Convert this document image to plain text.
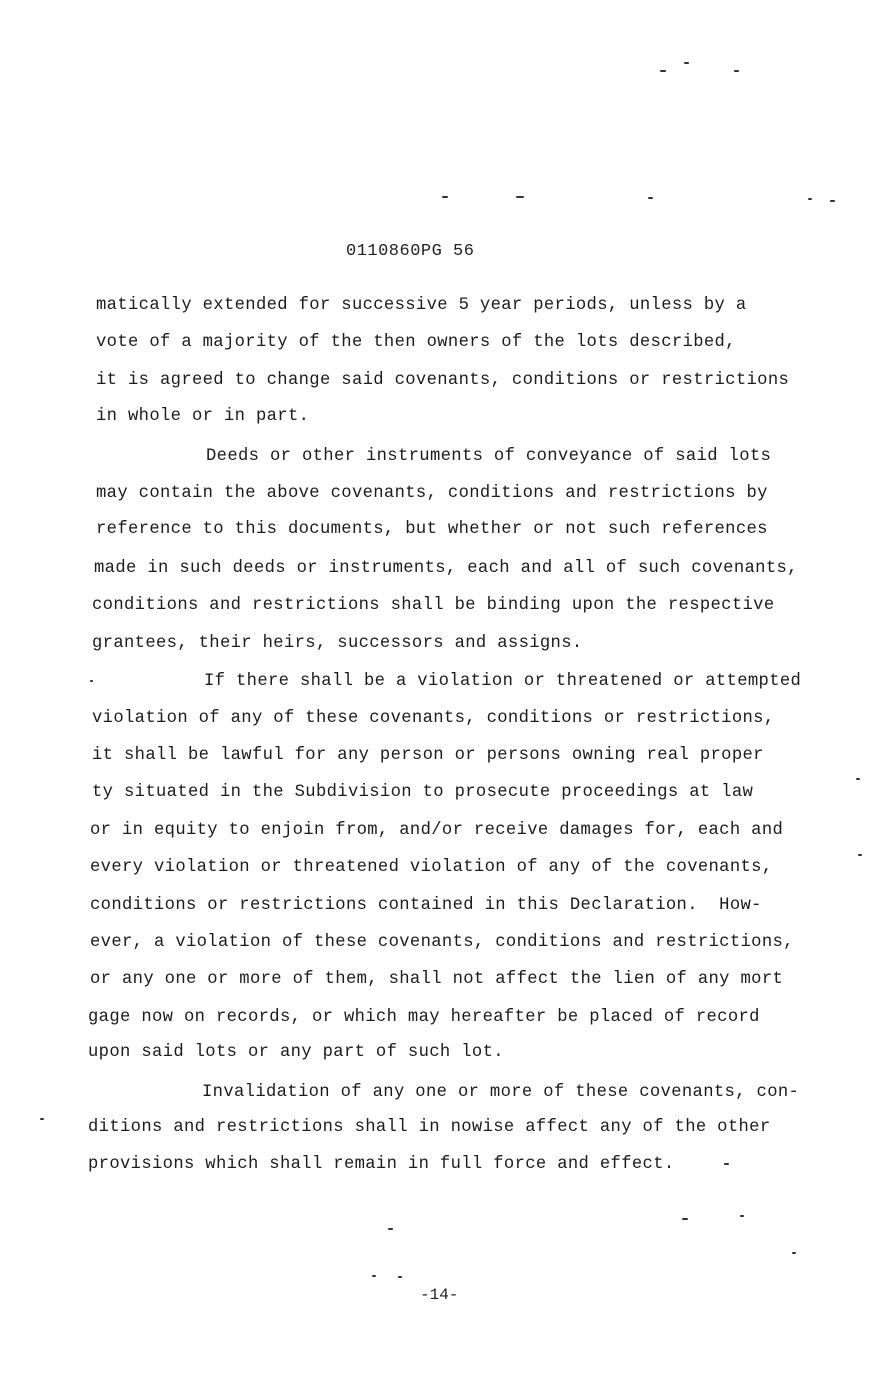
0110860PG 56
matically extended for successive 5 year periods, unless by a
vote of a majority of the then owners of the lots described,
it is agreed to change said covenants, conditions or restrictions
in whole or in part.
Deeds or other instruments of conveyance of said lots
may contain the above covenants, conditions and restrictions by
reference to this documents, but whether or not such references
made in such deeds or instruments, each and all of such covenants,
conditions and restrictions shall be binding upon the respective
grantees, their heirs, successors and assigns.
If there shall be a violation or threatened or attempted
violation of any of these covenants, conditions or restrictions,
it shall be lawful for any person or persons owning real proper
ty situated in the Subdivision to prosecute proceedings at law
or in equity to enjoin from, and/or receive damages for, each and
every violation or threatened violation of any of the covenants,
conditions or restrictions contained in this Declaration.  How-
ever, a violation of these covenants, conditions and restrictions,
or any one or more of them, shall not affect the lien of any mort
gage now on records, or which may hereafter be placed of record
upon said lots or any part of such lot.
Invalidation of any one or more of these covenants, con-
ditions and restrictions shall in nowise affect any of the other
provisions which shall remain in full force and effect.
-14-
